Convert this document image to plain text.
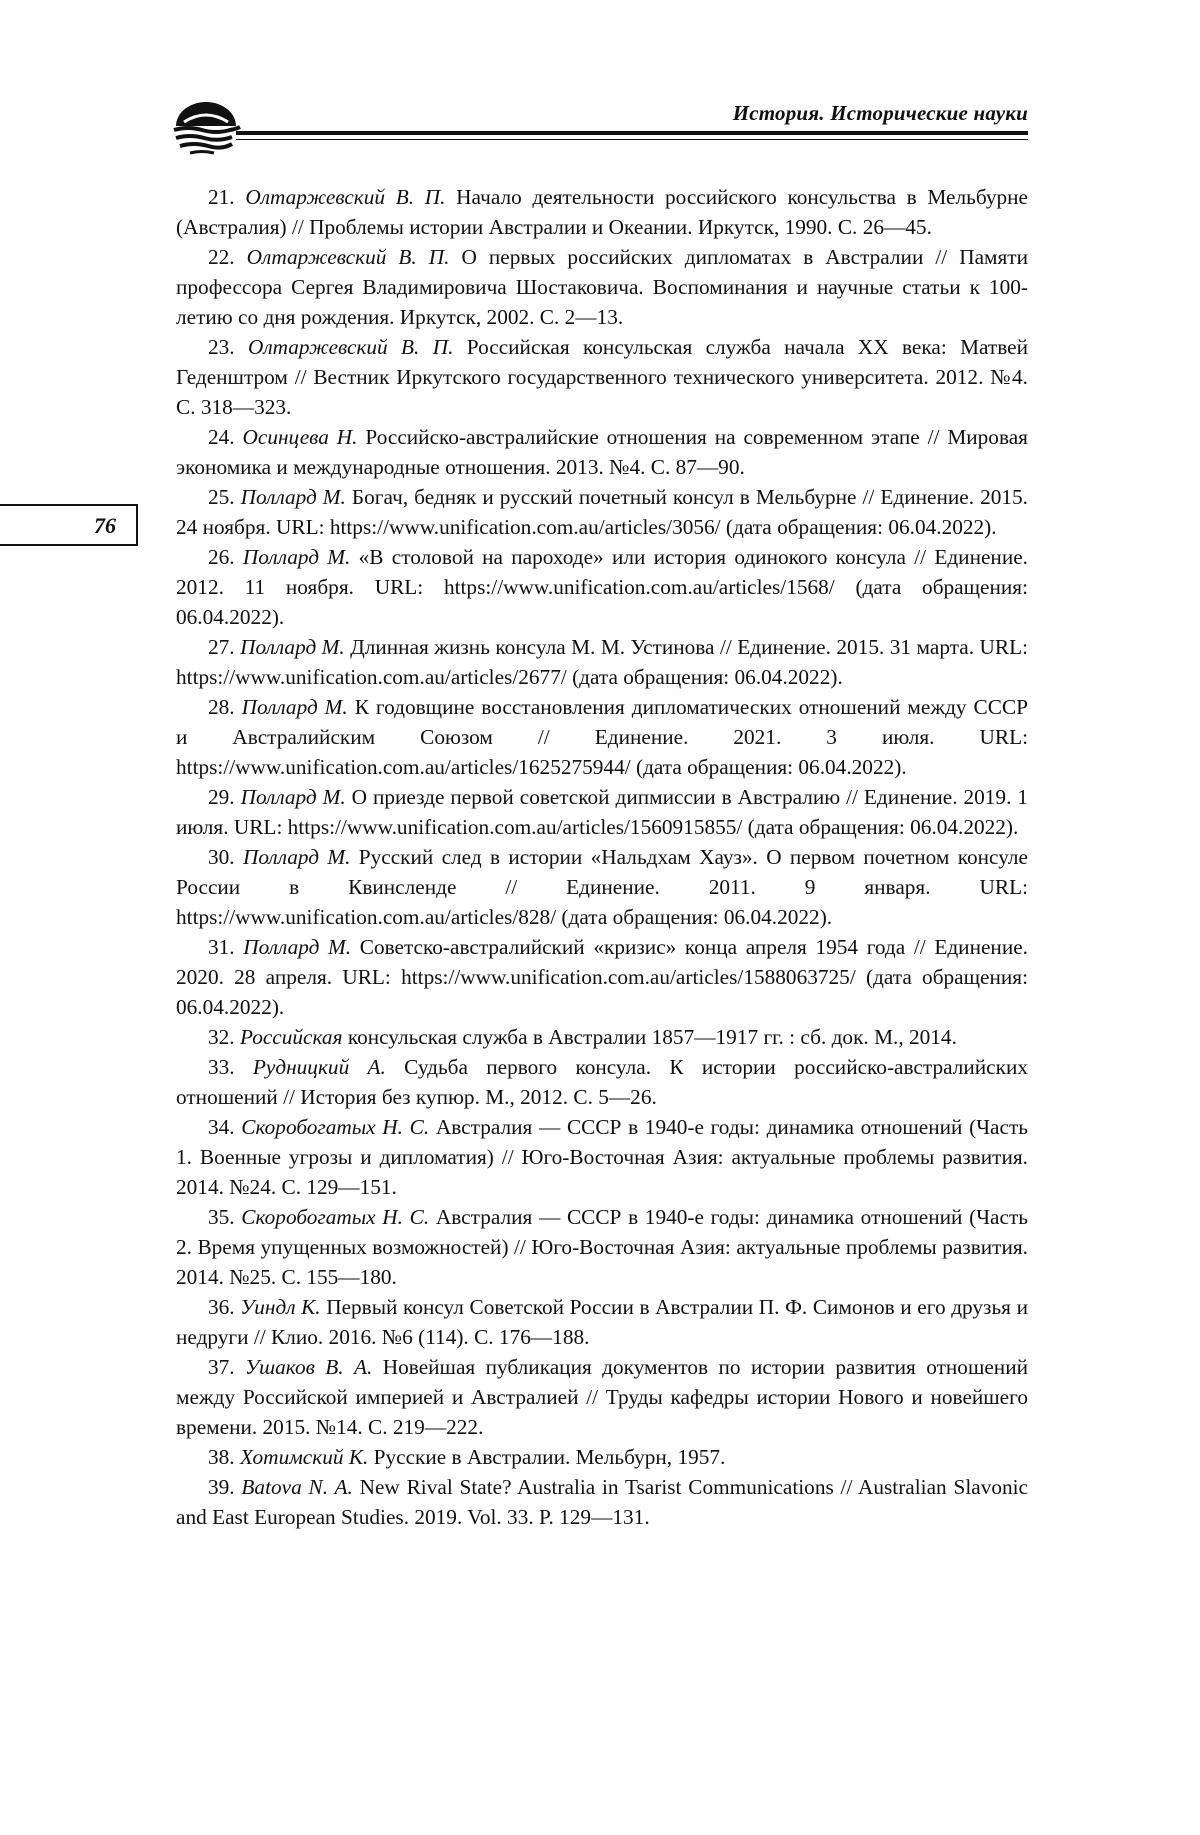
История. Исторические науки
76

21. Олтаржевский В. П. Начало деятельности российского консульства в Мельбурне (Австралия) // Проблемы истории Австралии и Океании. Иркутск, 1990. С. 26—45.

22. Олтаржевский В. П. О первых российских дипломатах в Австралии // Памяти профессора Сергея Владимировича Шостаковича. Воспоминания и научные статьи к 100-летию со дня рождения. Иркутск, 2002. С. 2—13.

23. Олтаржевский В. П. Российская консульская служба начала XX века: Матвей Геденштром // Вестник Иркутского государственного технического университета. 2012. №4. С. 318—323.

24. Осинцева Н. Российско-австралийские отношения на современном этапе // Мировая экономика и международные отношения. 2013. №4. С. 87—90.

25. Поллард М. Богач, бедняк и русский почетный консул в Мельбурне // Единение. 2015. 24 ноября. URL: https://www.unification.com.au/articles/3056/ (дата обращения: 06.04.2022).

26. Поллард М. «В столовой на пароходе» или история одинокого консула // Единение. 2012. 11 ноября. URL: https://www.unification.com.au/articles/1568/ (дата обращения: 06.04.2022).

27. Поллард М. Длинная жизнь консула М. М. Устинова // Единение. 2015. 31 марта. URL: https://www.unification.com.au/articles/2677/ (дата обращения: 06.04.2022).

28. Поллард М. К годовщине восстановления дипломатических отношений между СССР и Австралийским Союзом // Единение. 2021. 3 июля. URL: https://www.unification.com.au/articles/1625275944/ (дата обращения: 06.04.2022).

29. Поллард М. О приезде первой советской дипмиссии в Австралию // Единение. 2019. 1 июля. URL: https://www.unification.com.au/articles/1560915855/ (дата обращения: 06.04.2022).

30. Поллард М. Русский след в истории «Нальдхам Хауз». О первом почетном консуле России в Квинсленде // Единение. 2011. 9 января. URL: https://www.unification.com.au/articles/828/ (дата обращения: 06.04.2022).

31. Поллард М. Советско-австралийский «кризис» конца апреля 1954 года // Единение. 2020. 28 апреля. URL: https://www.unification.com.au/articles/1588063725/ (дата обращения: 06.04.2022).

32. Российская консульская служба в Австралии 1857—1917 гг. : сб. док. М., 2014.

33. Рудницкий А. Судьба первого консула. К истории российско-австралийских отношений // История без купюр. М., 2012. С. 5—26.

34. Скоробогатых Н. С. Австралия — СССР в 1940-е годы: динамика отношений (Часть 1. Военные угрозы и дипломатия) // Юго-Восточная Азия: актуальные проблемы развития. 2014. №24. С. 129—151.

35. Скоробогатых Н. С. Австралия — СССР в 1940-е годы: динамика отношений (Часть 2. Время упущенных возможностей) // Юго-Восточная Азия: актуальные проблемы развития. 2014. №25. С. 155—180.

36. Уиндл К. Первый консул Советской России в Австралии П. Ф. Симонов и его друзья и недруги // Клио. 2016. №6 (114). С. 176—188.

37. Ушаков В. А. Новейшая публикация документов по истории развития отношений между Российской империей и Австралией // Труды кафедры истории Нового и новейшего времени. 2015. №14. С. 219—222.

38. Хотимский К. Русские в Австралии. Мельбурн, 1957.

39. Batova N. A. New Rival State? Australia in Tsarist Communications // Australian Slavonic and East European Studies. 2019. Vol. 33. P. 129—131.
